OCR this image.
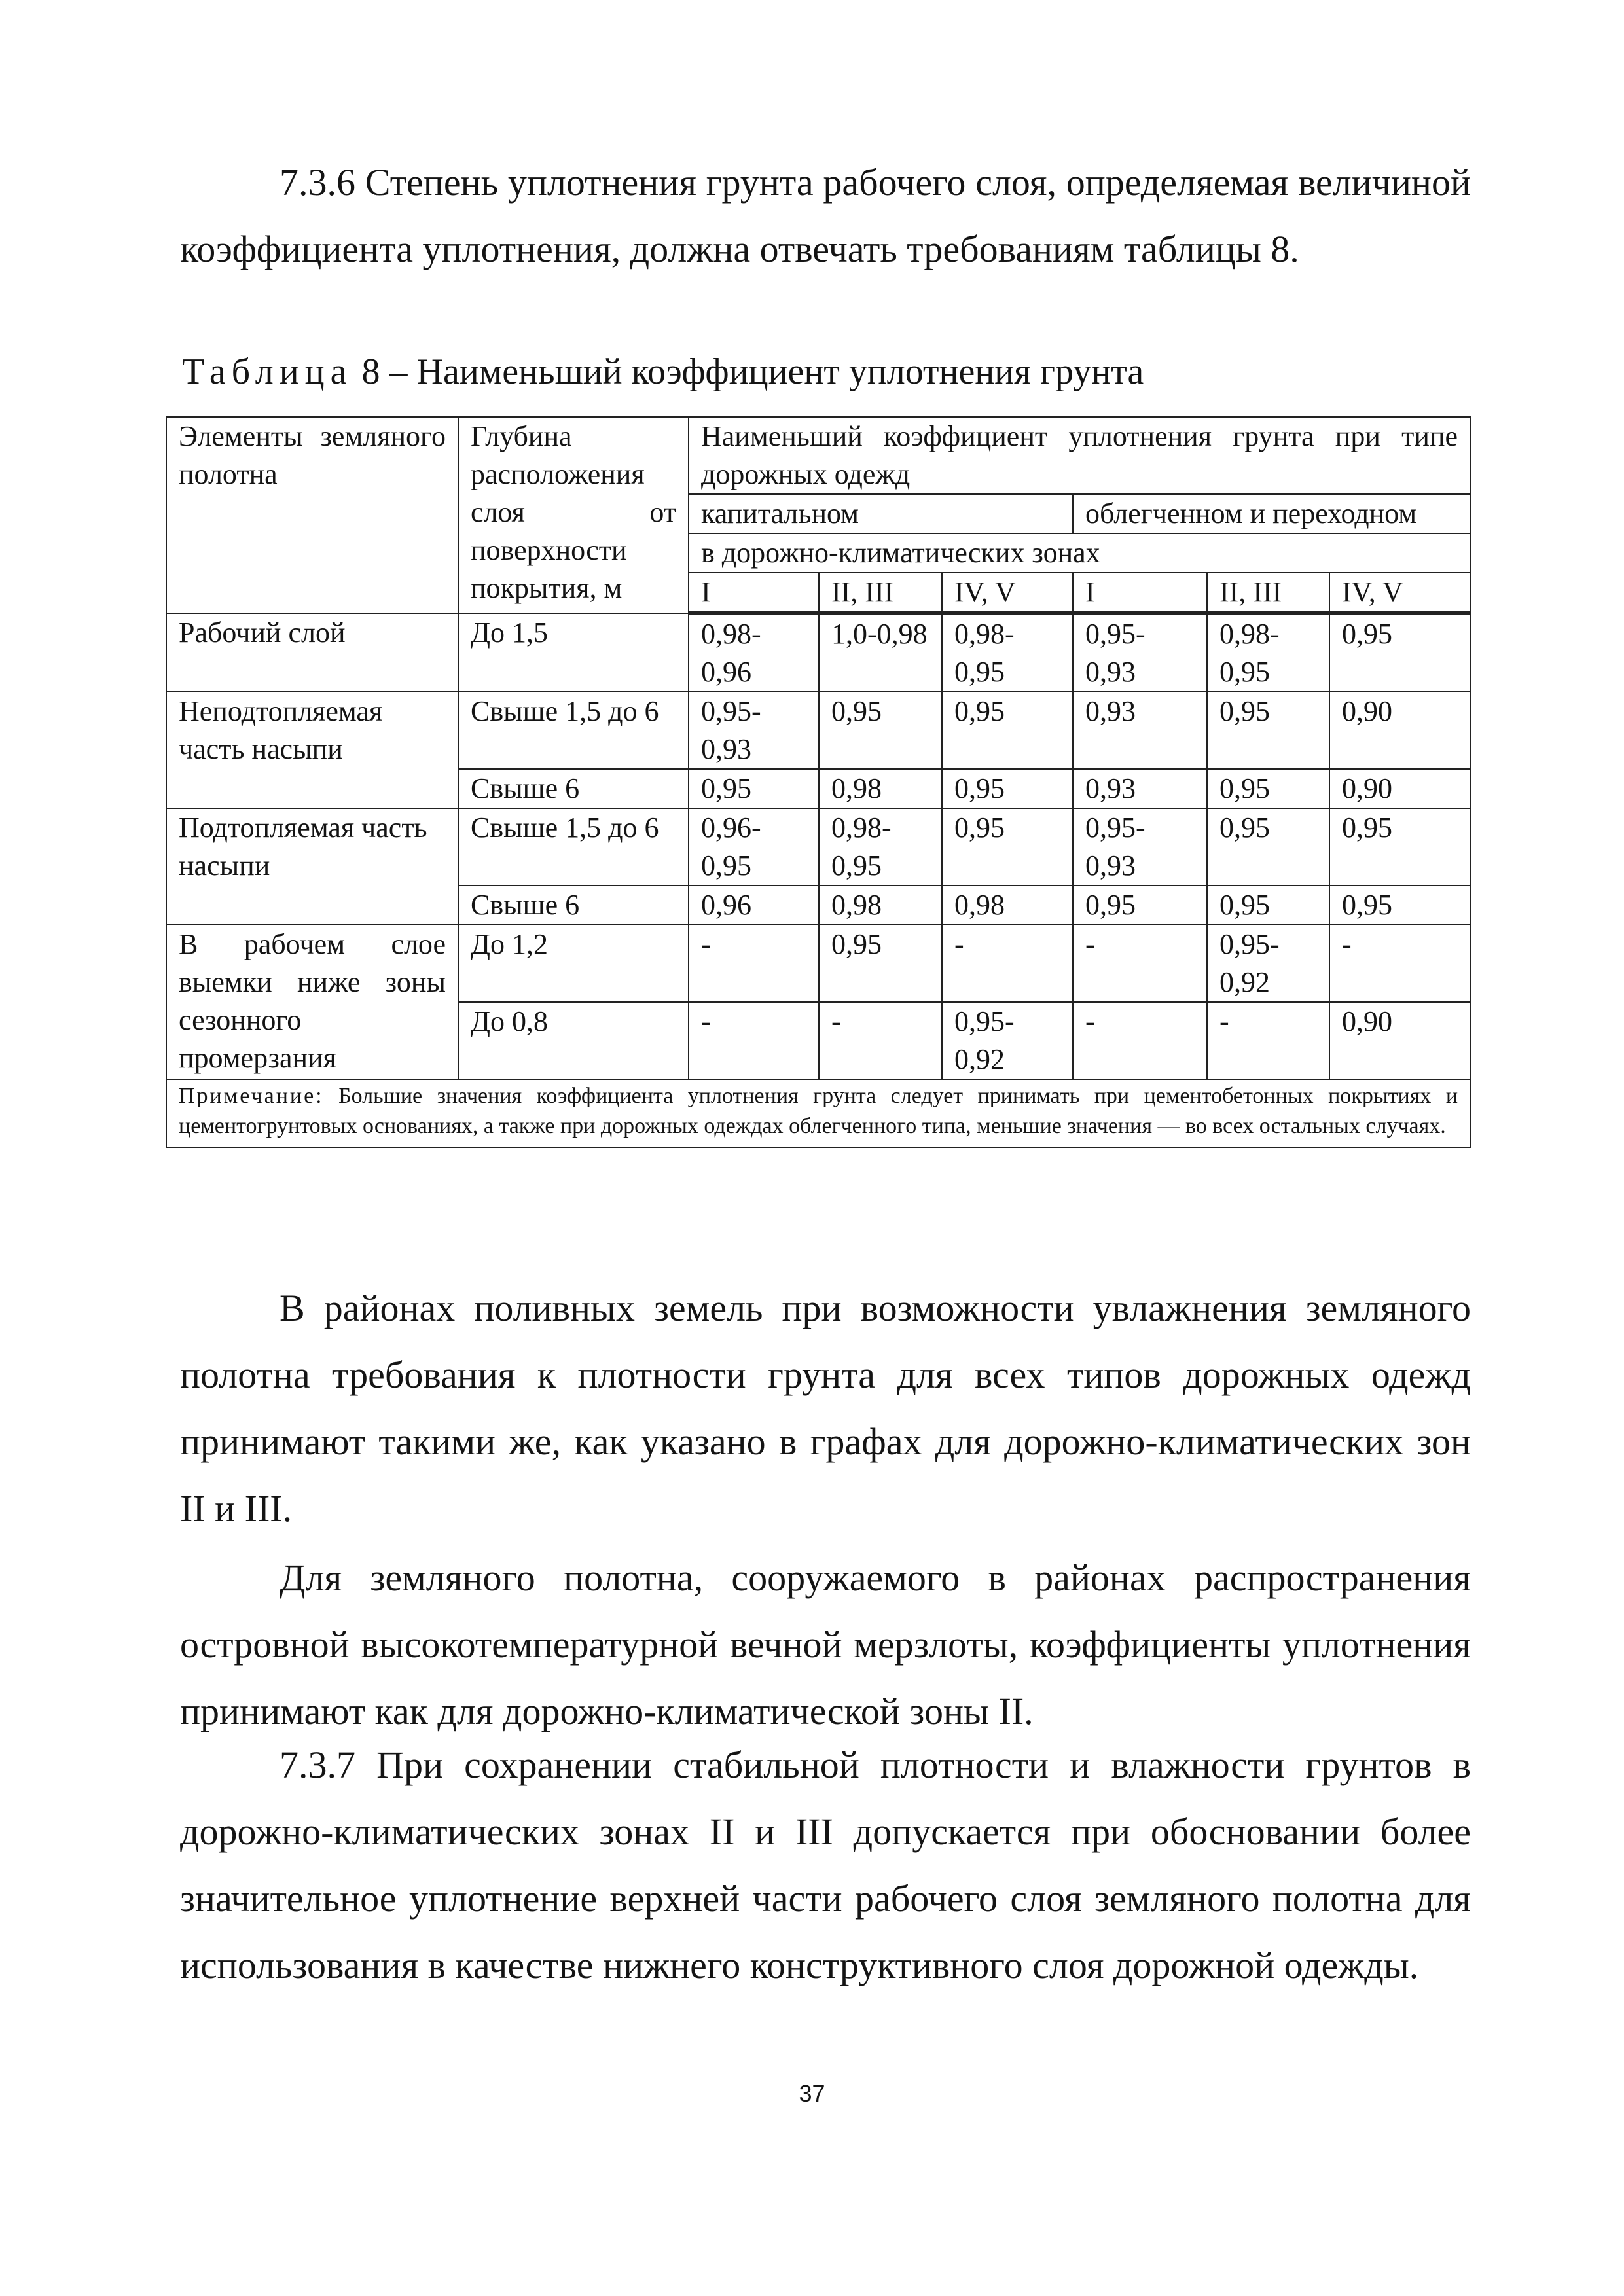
7.3.6 Степень уплотнения грунта рабочего слоя, определяемая величиной коэффициента уплотнения, должна отвечать требованиям таблицы 8.

Таблица 8 – Наименьший коэффициент уплотнения грунта
Элементы земляного полотна	Глубина расположения слоя от поверхности покрытия, м	Наименьший коэффициент уплотнения грунта при типе дорожных одежд					
		капитальном			облегченном и переходном		
		в дорожно-климатических зонах					
		I	II, III	IV, V	I	II, III	IV, V
Рабочий слой	До 1,5	0,98-0,96	1,0-0,98	0,98-0,95	0,95-0,93	0,98-0,95	0,95
Неподтопляемая часть насыпи	Свыше 1,5 до 6	0,95-0,93	0,95	0,95	0,93	0,95	0,90
	Свыше 6	0,95	0,98	0,95	0,93	0,95	0,90
Подтопляемая часть насыпи	Свыше 1,5 до 6	0,96-0,95	0,98-0,95	0,95	0,95-0,93	0,95	0,95
	Свыше 6	0,96	0,98	0,98	0,95	0,95	0,95
В рабочем слое выемки ниже зоны сезонного промерзания	До 1,2	-	0,95	-	-	0,95-0,92	-
	До 0,8	-	-	0,95-0,92	-	-	0,90
Примечание: Большие значения коэффициента уплотнения грунта следует принимать при цементобетонных покрытиях и цементогрунтовых основаниях, а также при дорожных одеждах облегченного типа, меньшие значения — во всех остальных случаях.							

В районах поливных земель при возможности увлажнения земляного полотна требования к плотности грунта для всех типов дорожных одежд принимают такими же, как указано в графах для дорожно-климатических зон II и III.

Для земляного полотна, сооружаемого в районах распространения островной высокотемпературной вечной мерзлоты, коэффициенты уплотнения принимают как для дорожно-климатической зоны II.

7.3.7 При сохранении стабильной плотности и влажности грунтов в дорожно-климатических зонах II и III допускается при обосновании более значительное уплотнение верхней части рабочего слоя земляного полотна для использования в качестве нижнего конструктивного слоя дорожной одежды.

37
